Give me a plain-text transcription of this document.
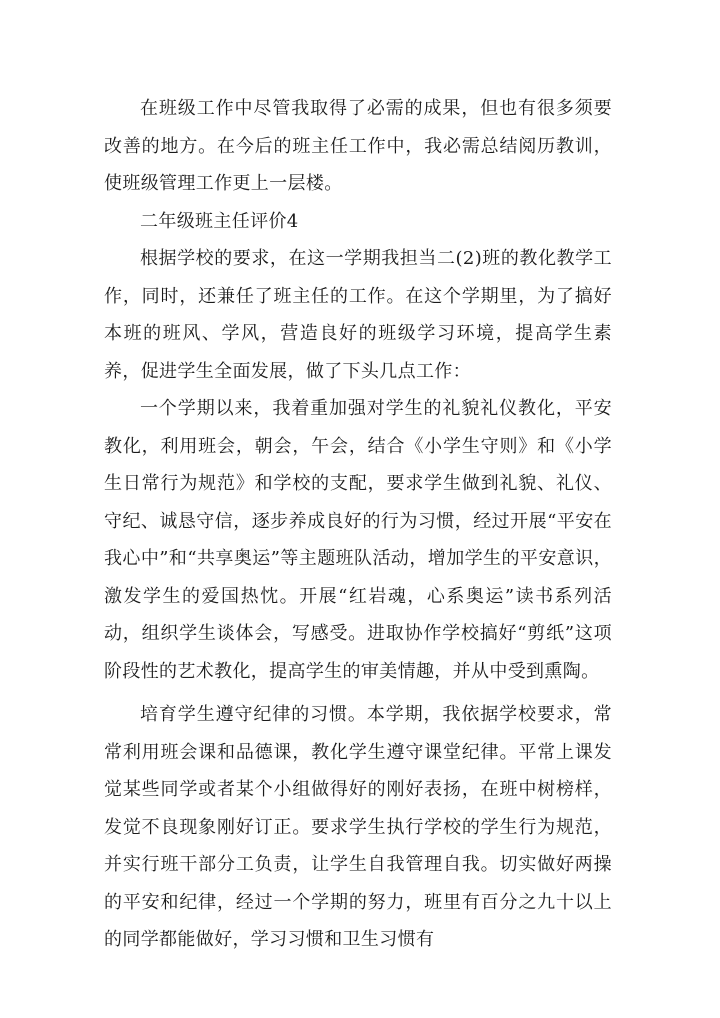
在班级工作中尽管我取得了必需的成果，但也有很多须要改善的地方。在今后的班主任工作中，我必需总结阅历教训，使班级管理工作更上一层楼。

二年级班主任评价4

根据学校的要求，在这一学期我担当二(2)班的教化教学工作，同时，还兼任了班主任的工作。在这个学期里，为了搞好本班的班风、学风，营造良好的班级学习环境，提高学生素养，促进学生全面发展，做了下头几点工作：

一个学期以来，我着重加强对学生的礼貌礼仪教化，平安教化，利用班会，朝会，午会，结合《小学生守则》和《小学生日常行为规范》和学校的支配，要求学生做到礼貌、礼仪、守纪、诚恳守信，逐步养成良好的行为习惯，经过开展“平安在我心中”和“共享奥运”等主题班队活动，增加学生的平安意识，激发学生的爱国热忱。开展“红岩魂，心系奥运”读书系列活动，组织学生谈体会，写感受。进取协作学校搞好“剪纸”这项阶段性的艺术教化，提高学生的审美情趣，并从中受到熏陶。

培育学生遵守纪律的习惯。本学期，我依据学校要求，常常利用班会课和品德课，教化学生遵守课堂纪律。平常上课发觉某些同学或者某个小组做得好的刚好表扬，在班中树榜样，发觉不良现象刚好订正。要求学生执行学校的学生行为规范，并实行班干部分工负责，让学生自我管理自我。切实做好两操的平安和纪律，经过一个学期的努力，班里有百分之九十以上的同学都能做好，学习习惯和卫生习惯有
